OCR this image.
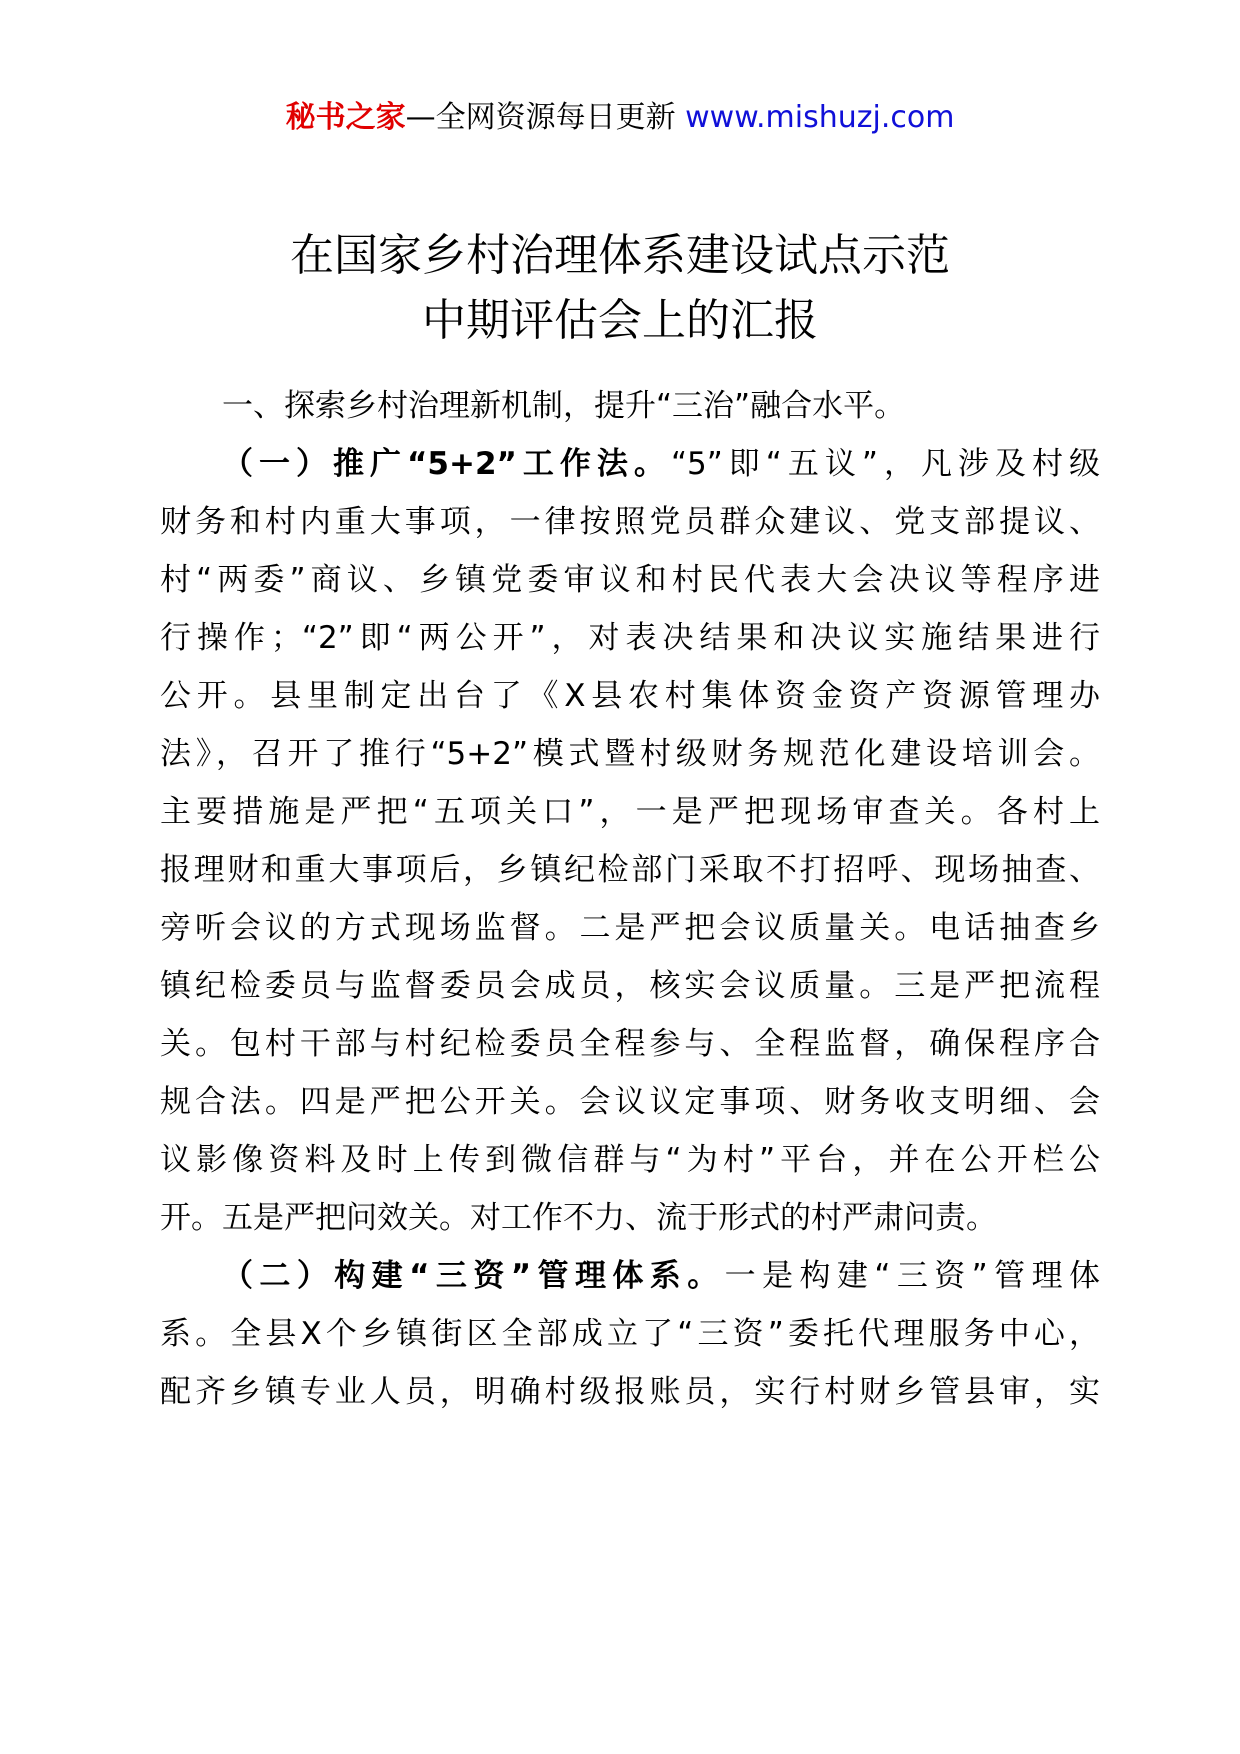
秘书之家—全网资源每日更新 www.mishuzj.com
在国家乡村治理体系建设试点示范
中期评估会上的汇报
一、探索乡村治理新机制，提升“三治”融合水平。
（一）推广“5+2”工作法。“5”即“五议”，凡涉及村级
财务和村内重大事项，一律按照党员群众建议、党支部提议、
村“两委”商议、乡镇党委审议和村民代表大会决议等程序进
行操作；“2”即“两公开”，对表决结果和决议实施结果进行
公开。县里制定出台了《X县农村集体资金资产资源管理办
法》，召开了推行“5+2”模式暨村级财务规范化建设培训会。
主要措施是严把“五项关口”，一是严把现场审查关。各村上
报理财和重大事项后，乡镇纪检部门采取不打招呼、现场抽查、
旁听会议的方式现场监督。二是严把会议质量关。电话抽查乡
镇纪检委员与监督委员会成员，核实会议质量。三是严把流程
关。包村干部与村纪检委员全程参与、全程监督，确保程序合
规合法。四是严把公开关。会议议定事项、财务收支明细、会
议影像资料及时上传到微信群与“为村”平台，并在公开栏公
开。五是严把问效关。对工作不力、流于形式的村严肃问责。
（二）构建“三资”管理体系。一是构建“三资”管理体
系。全县X个乡镇街区全部成立了“三资”委托代理服务中心，
配齐乡镇专业人员，明确村级报账员，实行村财乡管县审，实
